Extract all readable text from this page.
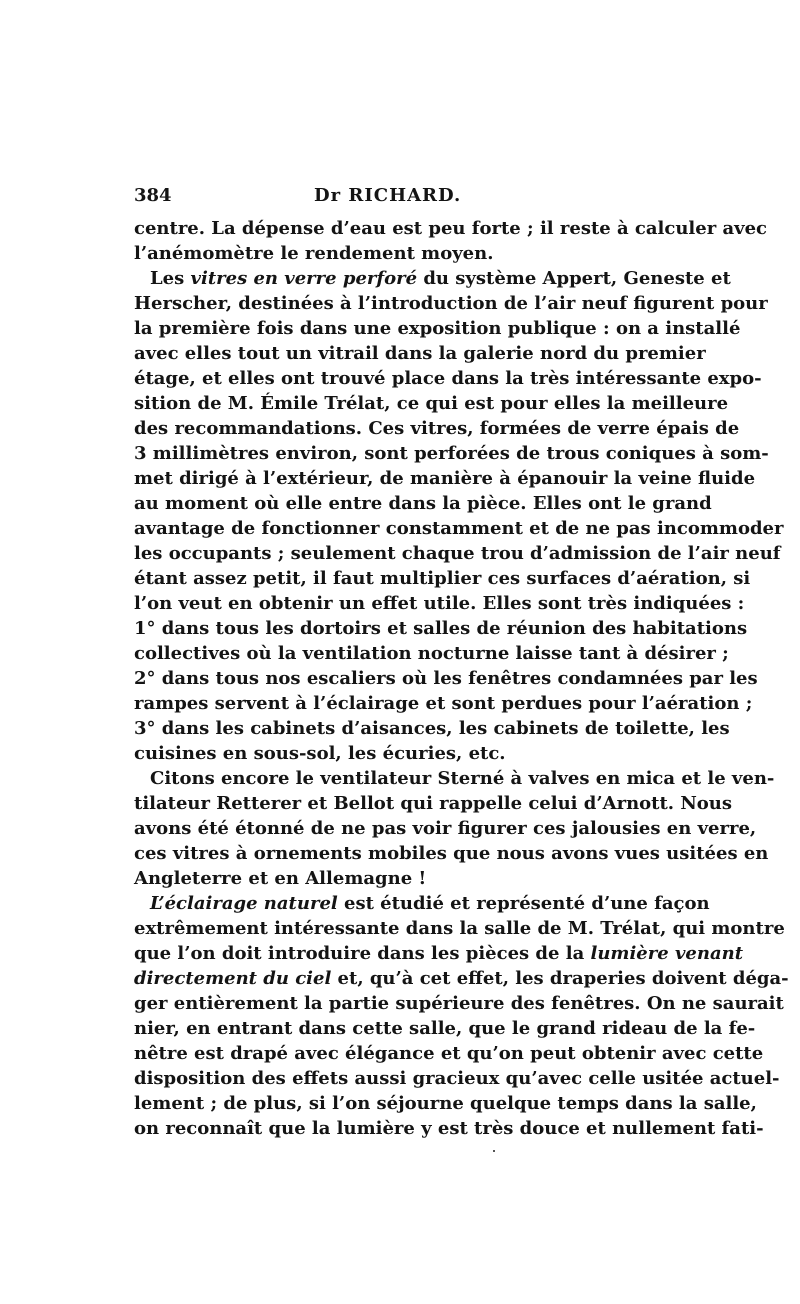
384	Dr RICHARD.
centre. La dépense d’eau est peu forte ; il reste à calculer avec
l’anémomètre le rendement moyen.
Les vitres en verre perforé du système Appert, Geneste et
Herscher, destinées à l’introduction de l’air neuf figurent pour
la première fois dans une exposition publique : on a installé
avec elles tout un vitrail dans la galerie nord du premier
étage, et elles ont trouvé place dans la très intéressante expo-
sition de M. Émile Trélat, ce qui est pour elles la meilleure
des recommandations. Ces vitres, formées de verre épais de
3 millimètres environ, sont perforées de trous coniques à som-
met dirigé à l’extérieur, de manière à épanouir la veine fluide
au moment où elle entre dans la pièce. Elles ont le grand
avantage de fonctionner constamment et de ne pas incommoder
les occupants ; seulement chaque trou d’admission de l’air neuf
étant assez petit, il faut multiplier ces surfaces d’aération, si
l’on veut en obtenir un effet utile. Elles sont très indiquées :
1° dans tous les dortoirs et salles de réunion des habitations
collectives où la ventilation nocturne laisse tant à désirer ;
2° dans tous nos escaliers où les fenêtres condamnées par les
rampes servent à l’éclairage et sont perdues pour l’aération ;
3° dans les cabinets d’aisances, les cabinets de toilette, les
cuisines en sous-sol, les écuries, etc.
Citons encore le ventilateur Sterné à valves en mica et le ven-
tilateur Retterer et Bellot qui rappelle celui d’Arnott. Nous
avons été étonné de ne pas voir figurer ces jalousies en verre,
ces vitres à ornements mobiles que nous avons vues usitées en
Angleterre et en Allemagne !
L’éclairage naturel est étudié et représenté d’une façon
extrêmement intéressante dans la salle de M. Trélat, qui montre
que l’on doit introduire dans les pièces de la lumière venant
directement du ciel et, qu’à cet effet, les draperies doivent déga-
ger entièrement la partie supérieure des fenêtres. On ne saurait
nier, en entrant dans cette salle, que le grand rideau de la fe-
nêtre est drapé avec élégance et qu’on peut obtenir avec cette
disposition des effets aussi gracieux qu’avec celle usitée actuel-
lement ; de plus, si l’on séjourne quelque temps dans la salle,
on reconnaît que la lumière y est très douce et nullement fati-
